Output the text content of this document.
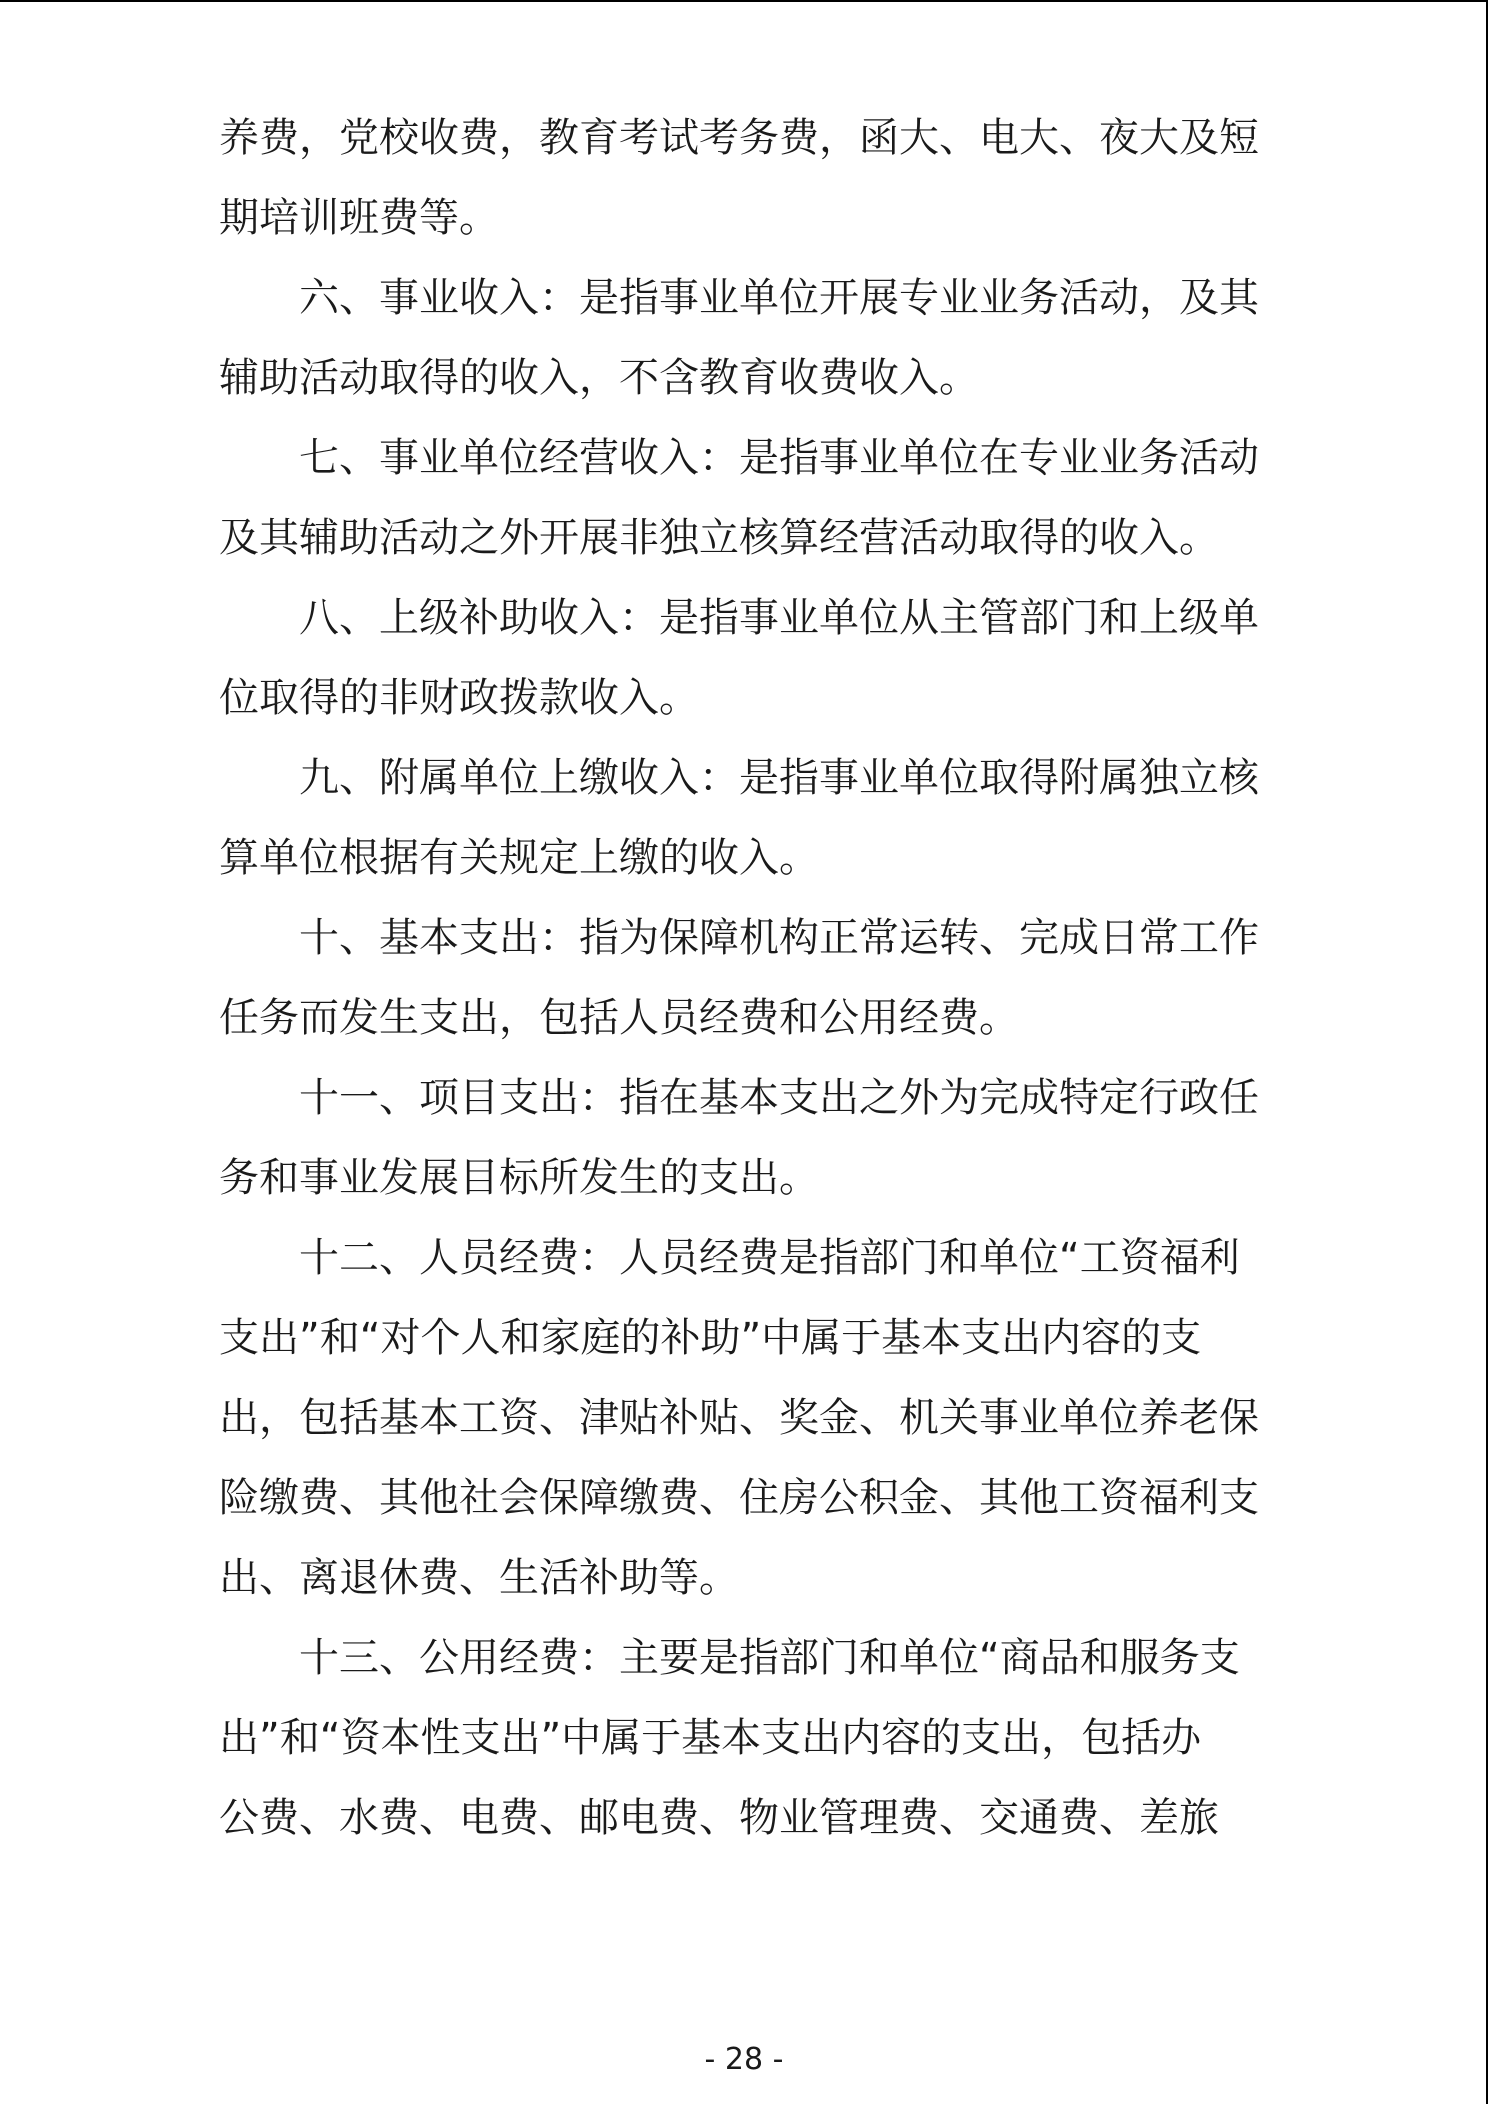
养费，党校收费，教育考试考务费，函大、电大、夜大及短
期培训班费等。
六、事业收入：是指事业单位开展专业业务活动，及其
辅助活动取得的收入，不含教育收费收入。
七、事业单位经营收入：是指事业单位在专业业务活动
及其辅助活动之外开展非独立核算经营活动取得的收入。
八、上级补助收入：是指事业单位从主管部门和上级单
位取得的非财政拨款收入。
九、附属单位上缴收入：是指事业单位取得附属独立核
算单位根据有关规定上缴的收入。
十、基本支出：指为保障机构正常运转、完成日常工作
任务而发生支出，包括人员经费和公用经费。
十一、项目支出：指在基本支出之外为完成特定行政任
务和事业发展目标所发生的支出。
十二、人员经费：人员经费是指部门和单位“工资福利
支出”和“对个人和家庭的补助”中属于基本支出内容的支
出，包括基本工资、津贴补贴、奖金、机关事业单位养老保
险缴费、其他社会保障缴费、住房公积金、其他工资福利支
出、离退休费、生活补助等。
十三、公用经费：主要是指部门和单位“商品和服务支
出”和“资本性支出”中属于基本支出内容的支出，包括办
公费、水费、电费、邮电费、物业管理费、交通费、差旅
- 28 -
